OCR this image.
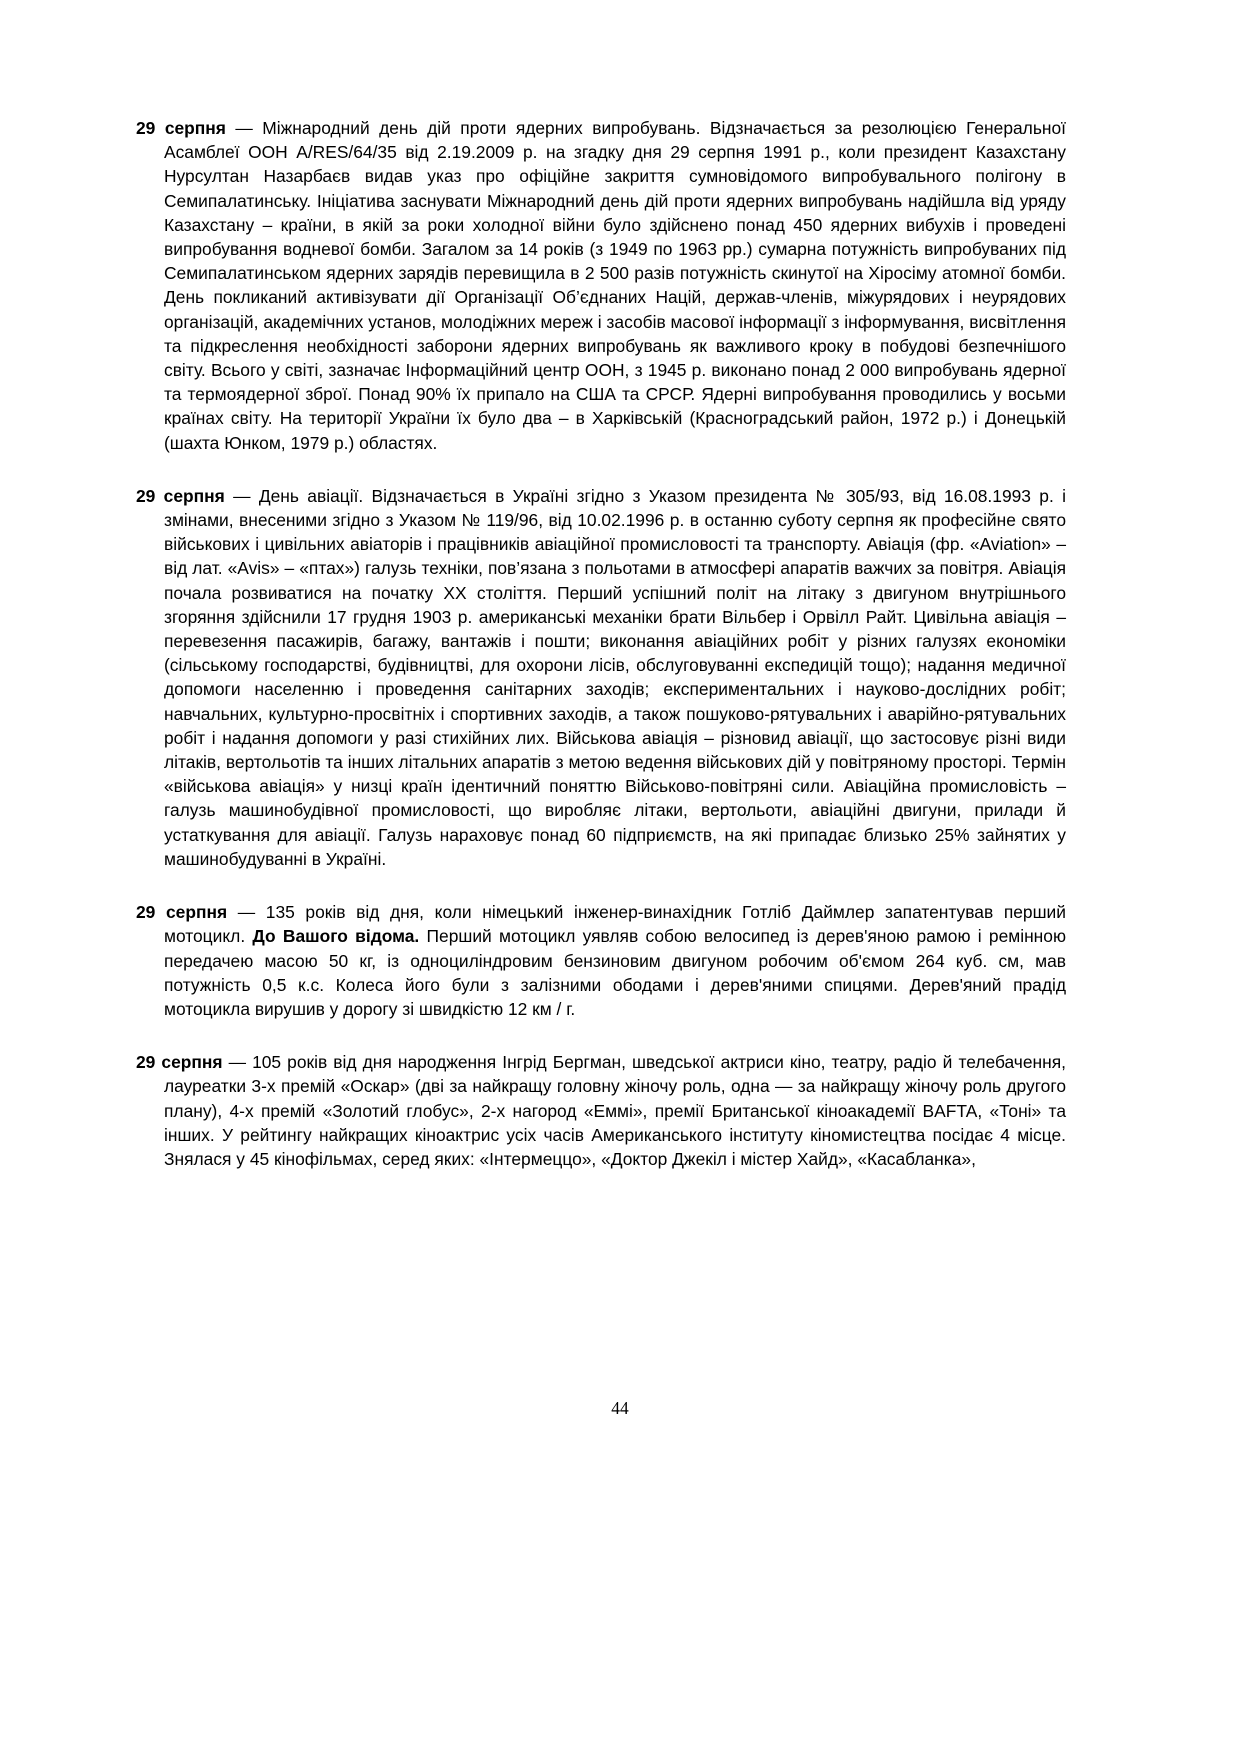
29 серпня — Міжнародний день дій проти ядерних випробувань. Відзначається за резолюцією Генеральної Асамблеї ООН A/RES/64/35 від 2.19.2009 р. на згадку дня 29 серпня 1991 р., коли президент Казахстану Нурсултан Назарбаєв видав указ про офіційне закриття сумновідомого випробувального полігону в Семипалатинську. Ініціатива заснувати Міжнародний день дій проти ядерних випробувань надійшла від уряду Казахстану – країни, в якій за роки холодної війни було здійснено понад 450 ядерних вибухів і проведені випробування водневої бомби. Загалом за 14 років (з 1949 по 1963 рр.) сумарна потужність випробуваних під Семипалатинськом ядерних зарядів перевищила в 2 500 разів потужність скинутої на Хіросіму атомної бомби. День покликаний активізувати дії Організації Об’єднаних Націй, держав-членів, міжурядових і неурядових організацій, академічних установ, молодіжних мереж і засобів масової інформації з інформування, висвітлення та підкреслення необхідності заборони ядерних випробувань як важливого кроку в побудові безпечнішого світу. Всього у світі, зазначає Інформаційний центр ООН, з 1945 р. виконано понад 2 000 випробувань ядерної та термоядерної зброї. Понад 90% їх припало на США та СРСР. Ядерні випробування проводились у восьми країнах світу. На території України їх було два – в Харківській (Красноградський район, 1972 р.) і Донецькій (шахта Юнком, 1979 р.) областях.

29 серпня — День авіації. Відзначається в Україні згідно з Указом президента № 305/93, від 16.08.1993 р. і змінами, внесеними згідно з Указом № 119/96, від 10.02.1996 р. в останню суботу серпня як професійне свято військових і цивільних авіаторів і працівників авіаційної промисловості та транспорту. Авіація (фр. «Aviation» – від лат. «Avis» – «птах») галузь техніки, пов’язана з польотами в атмосфері апаратів важчих за повітря. Авіація почала розвиватися на початку XX століття. Перший успішний політ на літаку з двигуном внутрішнього згоряння здійснили 17 грудня 1903 р. американські механіки брати Вільбер і Орвілл Райт. Цивільна авіація – перевезення пасажирів, багажу, вантажів і пошти; виконання авіаційних робіт у різних галузях економіки (сільському господарстві, будівництві, для охорони лісів, обслуговуванні експедицій тощо); надання медичної допомоги населенню і проведення санітарних заходів; експериментальних і науково-дослідних робіт; навчальних, культурно-просвітніх і спортивних заходів, а також пошуково-рятувальних і аварійно-рятувальних робіт і надання допомоги у разі стихійних лих. Військова авіація – різновид авіації, що застосовує різні види літаків, вертольотів та інших літальних апаратів з метою ведення військових дій у повітряному просторі. Термін «військова авіація» у низці країн ідентичний поняттю Військово-повітряні сили. Авіаційна промисловість – галузь машинобудівної промисловості, що виробляє літаки, вертольоти, авіаційні двигуни, прилади й устаткування для авіації. Галузь нараховує понад 60 підприємств, на які припадає близько 25% зайнятих у машинобудуванні в Україні.

29 серпня — 135 років від дня, коли німецький інженер-винахідник Готліб Даймлер запатентував перший мотоцикл. До Вашого відома. Перший мотоцикл уявляв собою велосипед із дерев'яною рамою і ремінною передачею масою 50 кг, із одноциліндровим бензиновим двигуном робочим об'ємом 264 куб. см, мав потужність 0,5 к.с. Колеса його були з залізними ободами і дерев'яними спицями. Дерев'яний прадід мотоцикла вирушив у дорогу зі швидкістю 12 км / г.

29 серпня — 105 років від дня народження Інгрід Бергман, шведської актриси кіно, театру, радіо й телебачення, лауреатки 3-х премій «Оскар» (дві за найкращу головну жіночу роль, одна — за найкращу жіночу роль другого плану), 4-х премій «Золотий глобус», 2-х нагород «Еммі», премії Британської кіноакадемії BAFTA, «Тоні» та інших. У рейтингу найкращих кіноактрис усіх часів Американського інституту кіномистецтва посідає 4 місце. Знялася у 45 кінофільмах, серед яких: «Інтермеццо», «Доктор Джекіл і містер Хайд», «Касабланка»,

44
